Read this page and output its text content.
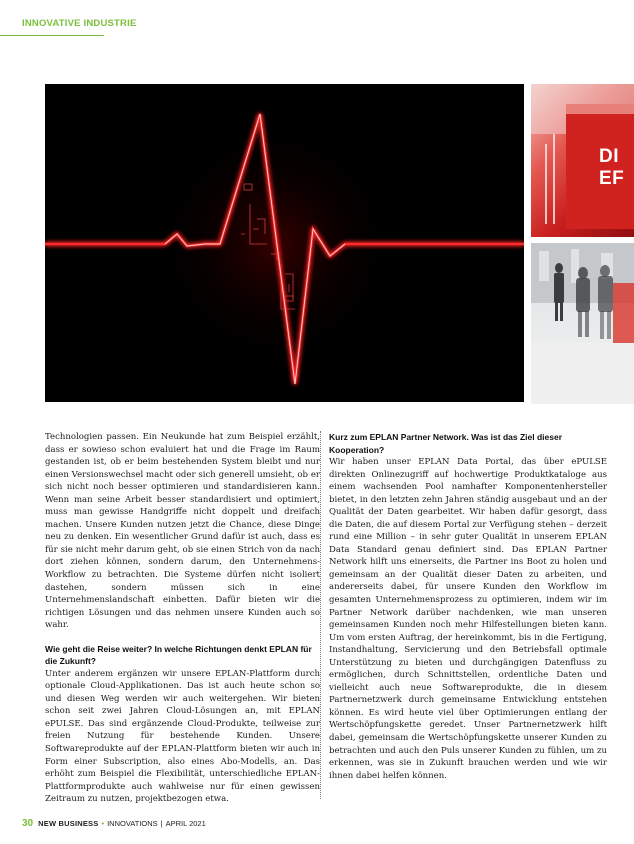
INNOVATIVE INDUSTRIE
DI EF

Technologien passen. Ein Neukunde hat zum Beispiel erzählt, dass er sowieso schon evaluiert hat und die Frage im Raum gestanden ist, ob er beim bestehenden System bleibt und nur einen Versionswechsel macht oder sich generell umsieht, ob er sich nicht noch besser optimieren und standardisieren kann. Wenn man seine Arbeit besser standardisiert und optimiert, muss man gewisse Handgriffe nicht doppelt und dreifach machen. Unsere Kunden nutzen jetzt die Chance, diese Dinge neu zu denken. Ein wesentlicher Grund dafür ist auch, dass es für sie nicht mehr darum geht, ob sie einen Strich von da nach dort ziehen können, sondern darum, den Unternehmens-Workflow zu betrachten. Die Systeme dürfen nicht isoliert dastehen, sondern müssen sich in eine Unternehmenslandschaft einbetten. Dafür bieten wir die richtigen Lösungen und das nehmen unsere Kunden auch so wahr.

Wie geht die Reise weiter? In welche Richtungen denkt EPLAN für die Zukunft?

Unter anderem ergänzen wir unsere EPLAN-Plattform durch optionale Cloud-Applikationen. Das ist auch heute schon so und diesen Weg werden wir auch weitergehen. Wir bieten schon seit zwei Jahren Cloud-Lösungen an, mit EPLAN ePULSE. Das sind ergänzende Cloud-Produkte, teilweise zur freien Nutzung für bestehende Kunden. Unsere Softwareprodukte auf der EPLAN-Plattform bieten wir auch in Form einer Subscription, also eines Abo-Modells, an. Das erhöht zum Beispiel die Flexibilität, unterschiedliche EPLAN-Plattformprodukte auch wahlweise nur für einen gewissen Zeitraum zu nutzen, projektbezogen etwa.

Kurz zum EPLAN Partner Network. Was ist das Ziel dieser Kooperation?

Wir haben unser EPLAN Data Portal, das über ePULSE direkten Onlinezugriff auf hochwertige Produktkataloge aus einem wachsenden Pool namhafter Komponentenhersteller bietet, in den letzten zehn Jahren ständig ausgebaut und an der Qualität der Daten gearbeitet. Wir haben dafür gesorgt, dass die Daten, die auf diesem Portal zur Verfügung stehen – derzeit rund eine Million – in sehr guter Qualität in unserem EPLAN Data Standard genau definiert sind. Das EPLAN Partner Network hilft uns einerseits, die Partner ins Boot zu holen und gemeinsam an der Qualität dieser Daten zu arbeiten, und andererseits dabei, für unsere Kunden den Workflow im gesamten Unternehmensprozess zu optimieren, indem wir im Partner Network darüber nachdenken, wie man unseren gemeinsamen Kunden noch mehr Hilfestellungen bieten kann. Um vom ersten Auftrag, der hereinkommt, bis in die Fertigung, Instandhaltung, Servicierung und den Betriebsfall optimale Unterstützung zu bieten und durchgängigen Datenfluss zu ermöglichen, durch Schnittstellen, ordentliche Daten und vielleicht auch neue Softwareprodukte, die in diesem Partnernetzwerk durch gemeinsame Entwicklung entstehen können. Es wird heute viel über Optimierungen entlang der Wertschöpfungskette geredet. Unser Partnernetzwerk hilft dabei, gemeinsam die Wertschöpfungskette unserer Kunden zu betrachten und auch den Puls unserer Kunden zu fühlen, um zu erkennen, was sie in Zukunft brauchen werden und wie wir ihnen dabei helfen können.

30 NEW BUSINESS • INNOVATIONS | APRIL 2021
